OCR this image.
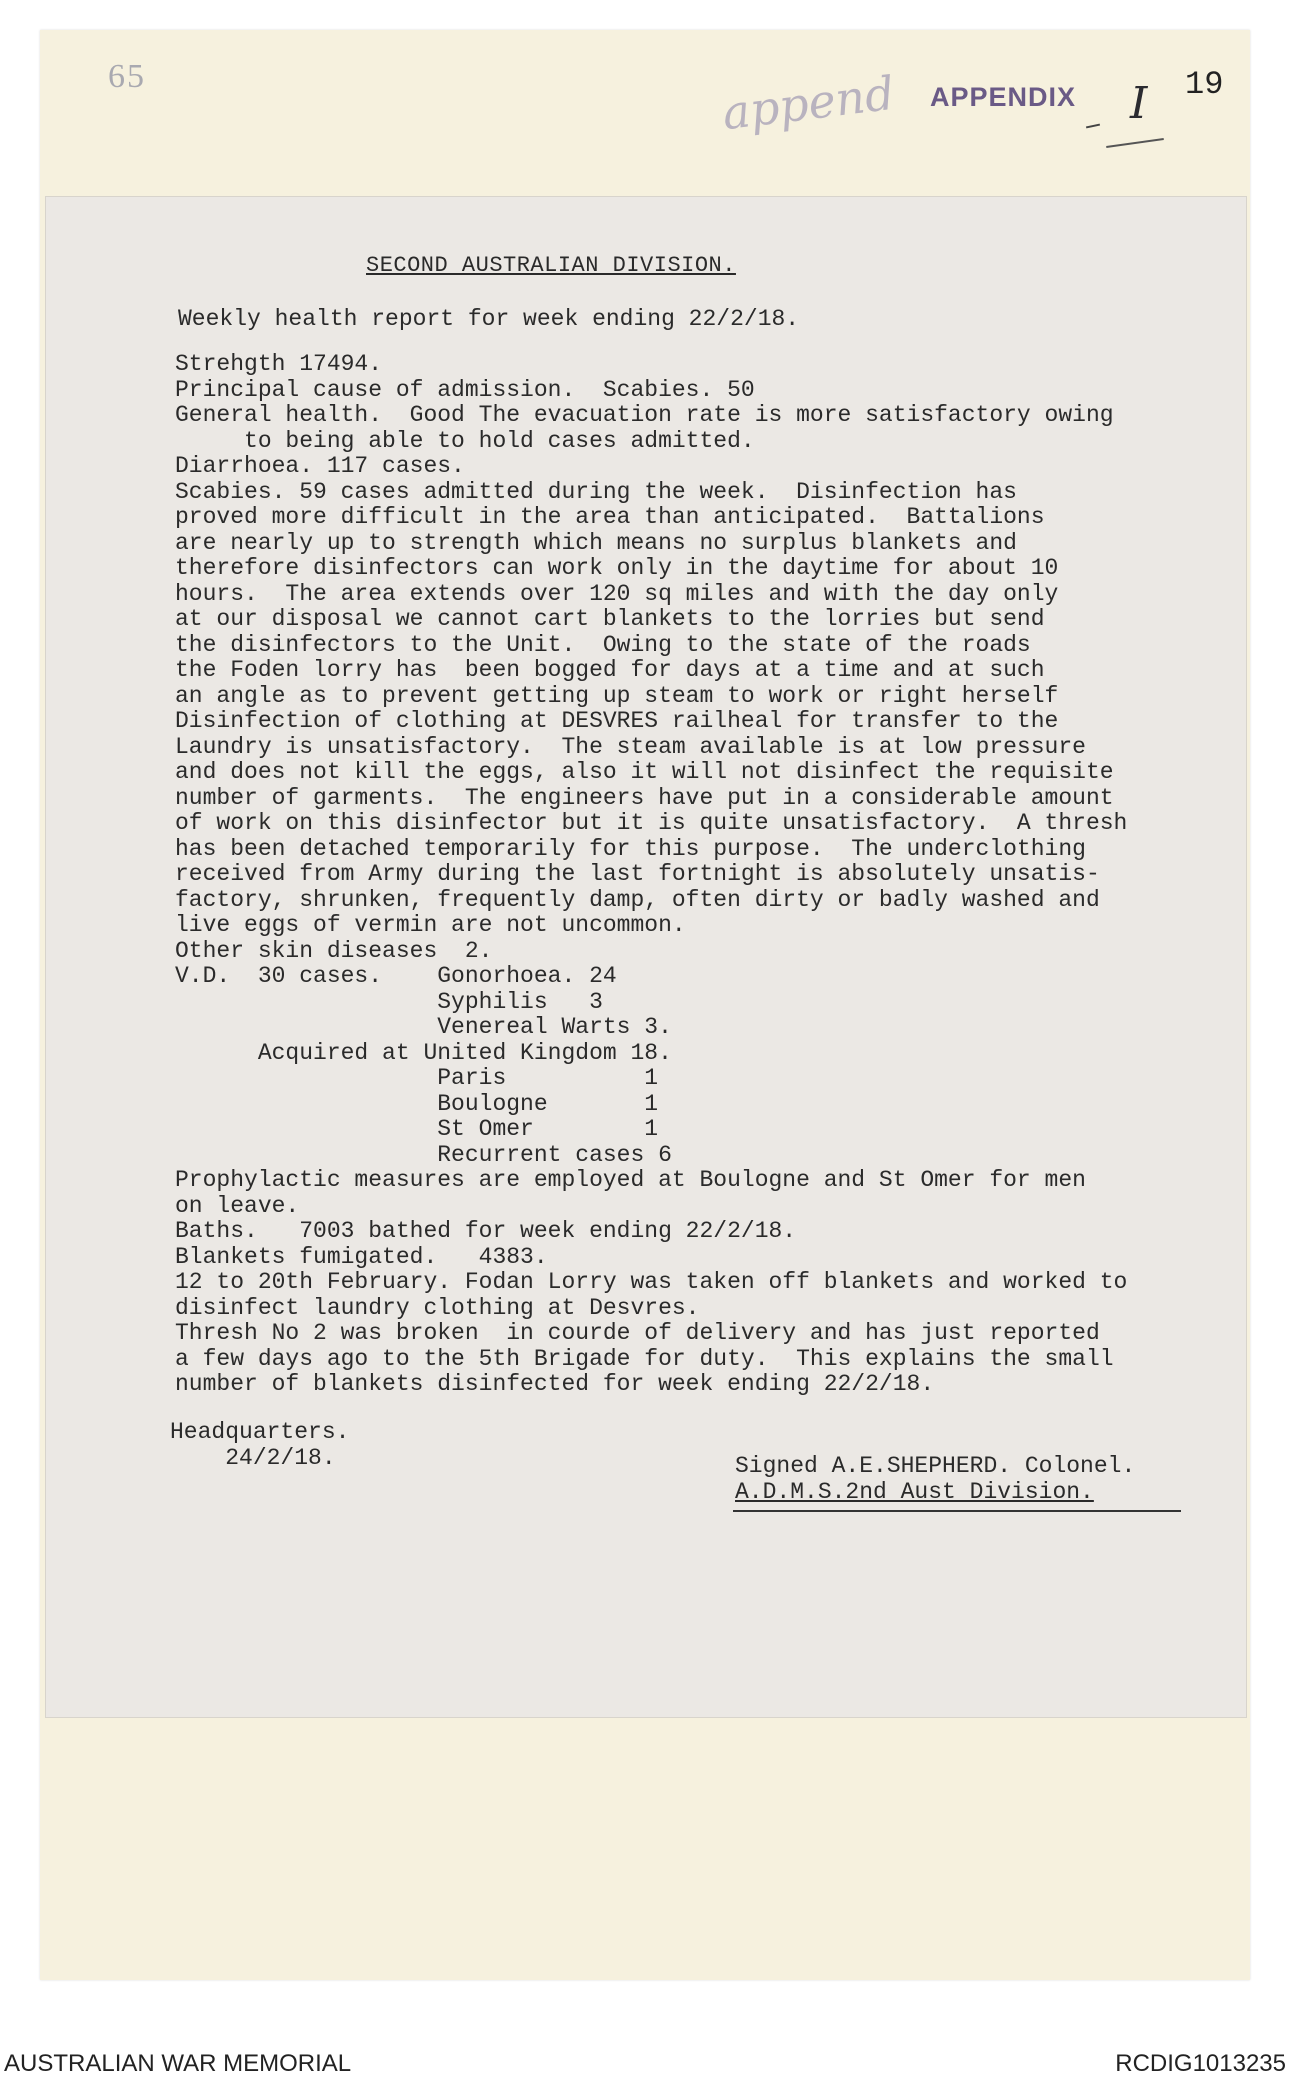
65	append APPENDIX I 19
SECOND AUSTRALIAN DIVISION.
Weekly health report for week ending 22/2/18.
Strehgth 17494.
Principal cause of admission.  Scabies. 50
General health.  Good The evacuation rate is more satisfactory owing
to being able to hold cases admitted.
Diarrhoea. 117 cases.
Scabies. 59 cases admitted during the week.  Disinfection has
proved more difficult in the area than anticipated.  Battalions
are nearly up to strength which means no surplus blankets and
therefore disinfectors can work only in the daytime for about 10
hours.  The area extends over 120 sq miles and with the day only
at our disposal we cannot cart blankets to the lorries but send
the disinfectors to the Unit.  Owing to the state of the roads
the Foden lorry has  been bogged for days at a time and at such
an angle as to prevent getting up steam to work or right herself
Disinfection of clothing at DESVRES railheal for transfer to the
Laundry is unsatisfactory.  The steam available is at low pressure
and does not kill the eggs, also it will not disinfect the requisite
number of garments.  The engineers have put in a considerable amount
of work on this disinfector but it is quite unsatisfactory.  A thresh
has been detached temporarily for this purpose.  The underclothing
received from Army during the last fortnight is absolutely unsatis-
factory, shrunken, frequently damp, often dirty or badly washed and
live eggs of vermin are not uncommon.
Other skin diseases  2.
V.D.  30 cases.    Gonorhoea. 24
Syphilis   3
Venereal Warts 3.
Acquired at United Kingdom 18.
Paris          1
Boulogne       1
St Omer        1
Recurrent cases 6
Prophylactic measures are employed at Boulogne and St Omer for men
on leave.
Baths.   7003 bathed for week ending 22/2/18.
Blankets fumigated.   4383.
12 to 20th February. Fodan Lorry was taken off blankets and worked to
disinfect laundry clothing at Desvres.
Thresh No 2 was broken  in courde of delivery and has just reported
a few days ago to the 5th Brigade for duty.  This explains the small
number of blankets disinfected for week ending 22/2/18.
Headquarters.
24/2/18.	Signed A.E.SHEPHERD. Colonel.
A.D.M.S.2nd Aust Division.
AUSTRALIAN WAR MEMORIAL	RCDIG1013235
